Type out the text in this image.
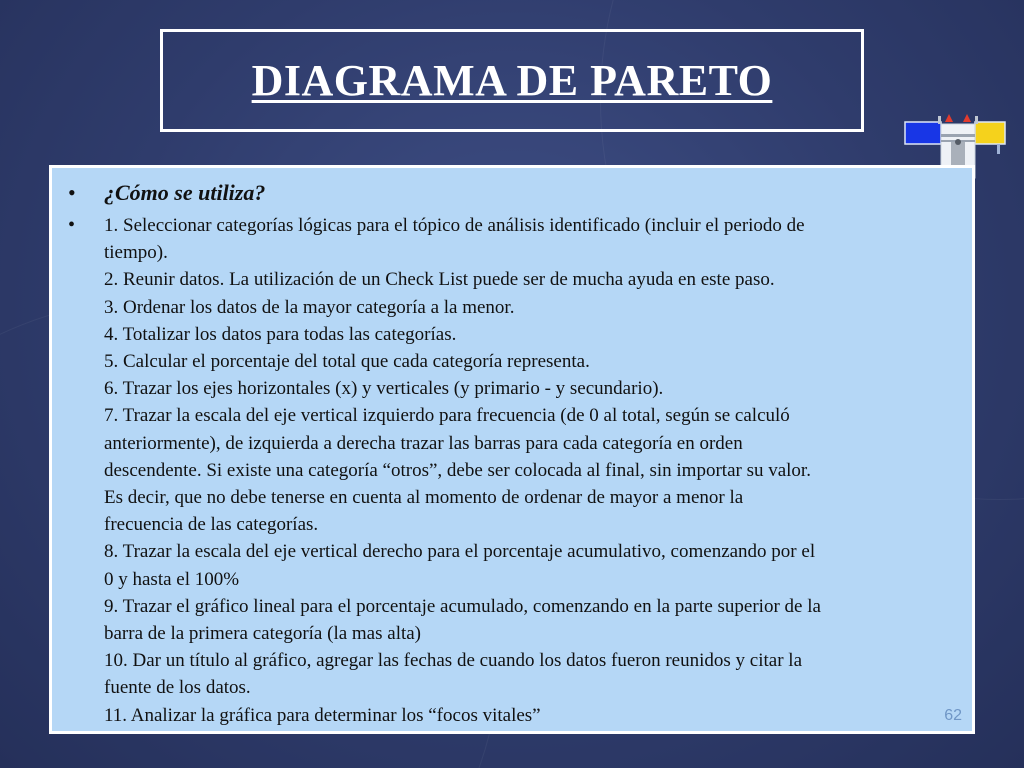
DIAGRAMA DE PARETO
•	¿Cómo se utiliza?
•	1. Seleccionar categorías lógicas para el tópico de análisis identificado (incluir el periodo de
tiempo).
2. Reunir datos. La utilización de un Check List puede ser de mucha ayuda en este paso.
3. Ordenar los datos de la mayor categoría a la menor.
4. Totalizar los datos para todas las categorías.
5. Calcular el porcentaje del total que cada categoría representa.
6. Trazar los ejes horizontales (x) y verticales (y primario - y secundario).
7. Trazar la escala del eje vertical izquierdo para frecuencia (de 0 al total, según se calculó
anteriormente), de izquierda a derecha trazar las barras para cada categoría en orden
descendente. Si existe una categoría “otros”, debe ser colocada al final, sin importar su valor.
Es decir, que no debe tenerse en cuenta al momento de ordenar de mayor a menor la
frecuencia de las categorías.
8. Trazar la escala del eje vertical derecho para el porcentaje acumulativo, comenzando por el
0 y hasta el 100%
9. Trazar el gráfico lineal para el porcentaje acumulado, comenzando en la parte superior de la
barra de la primera categoría (la mas alta)
10. Dar un título al gráfico, agregar las fechas de cuando los datos fueron reunidos y citar la
fuente de los datos.
11. Analizar la gráfica para determinar los “focos vitales”	62
